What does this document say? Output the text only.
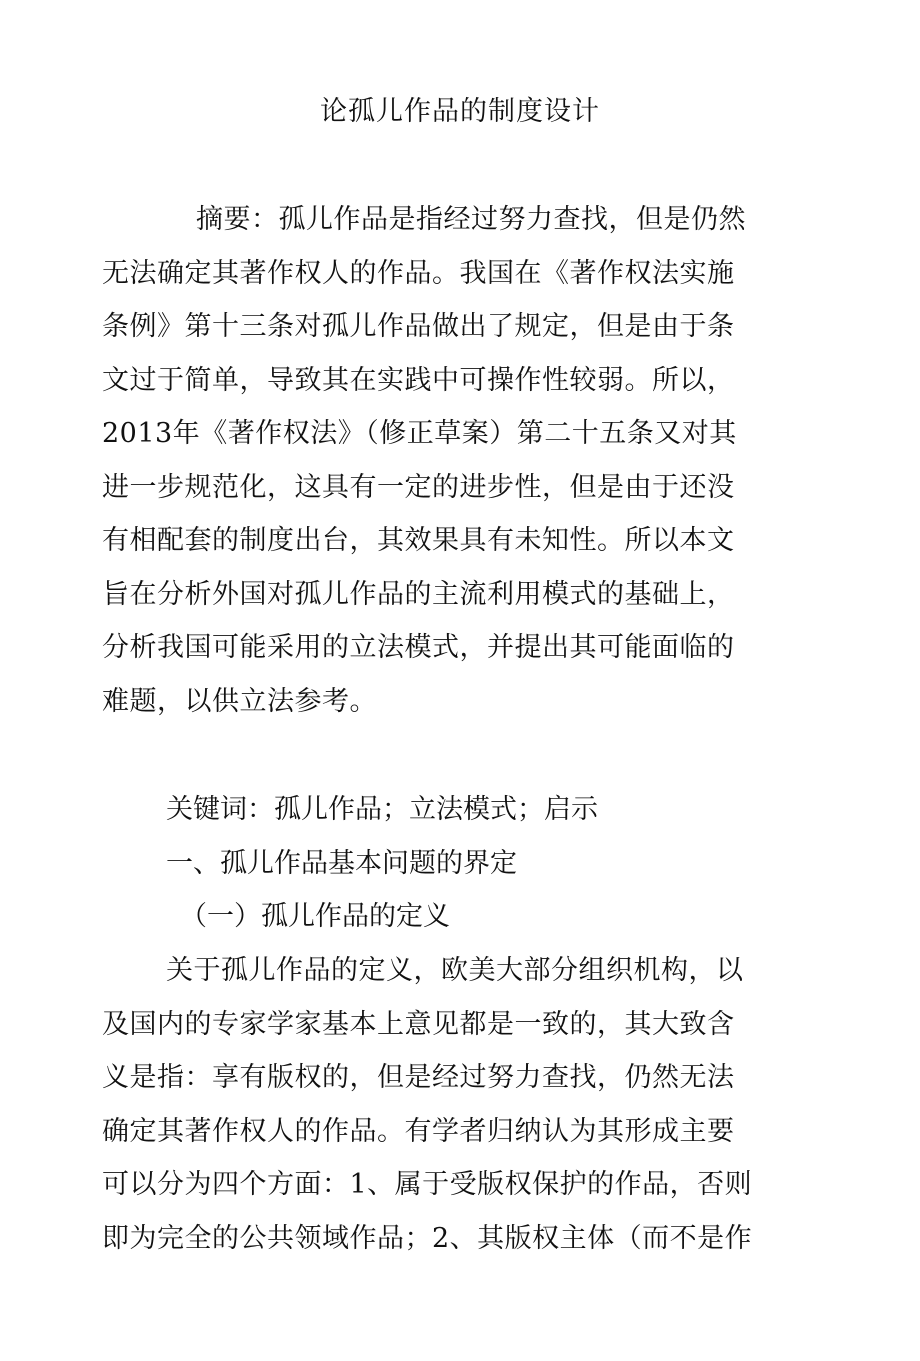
论孤儿作品的制度设计
摘要：孤儿作品是指经过努力查找，但是仍然
无法确定其著作权人的作品。我国在《著作权法实施
条例》第十三条对孤儿作品做出了规定，但是由于条
文过于简单，导致其在实践中可操作性较弱。所以，
2013年《著作权法》（修正草案）第二十五条又对其
进一步规范化，这具有一定的进步性，但是由于还没
有相配套的制度出台，其效果具有未知性。所以本文
旨在分析外国对孤儿作品的主流利用模式的基础上，
分析我国可能采用的立法模式，并提出其可能面临的
难题，以供立法参考。
关键词：孤儿作品；立法模式；启示
一、孤儿作品基本问题的界定
（一）孤儿作品的定义
关于孤儿作品的定义，欧美大部分组织机构，以
及国内的专家学家基本上意见都是一致的，其大致含
义是指：享有版权的，但是经过努力查找，仍然无法
确定其著作权人的作品。有学者归纳认为其形成主要
可以分为四个方面：1、属于受版权保护的作品，否则
即为完全的公共领域作品；2、其版权主体（而不是作
